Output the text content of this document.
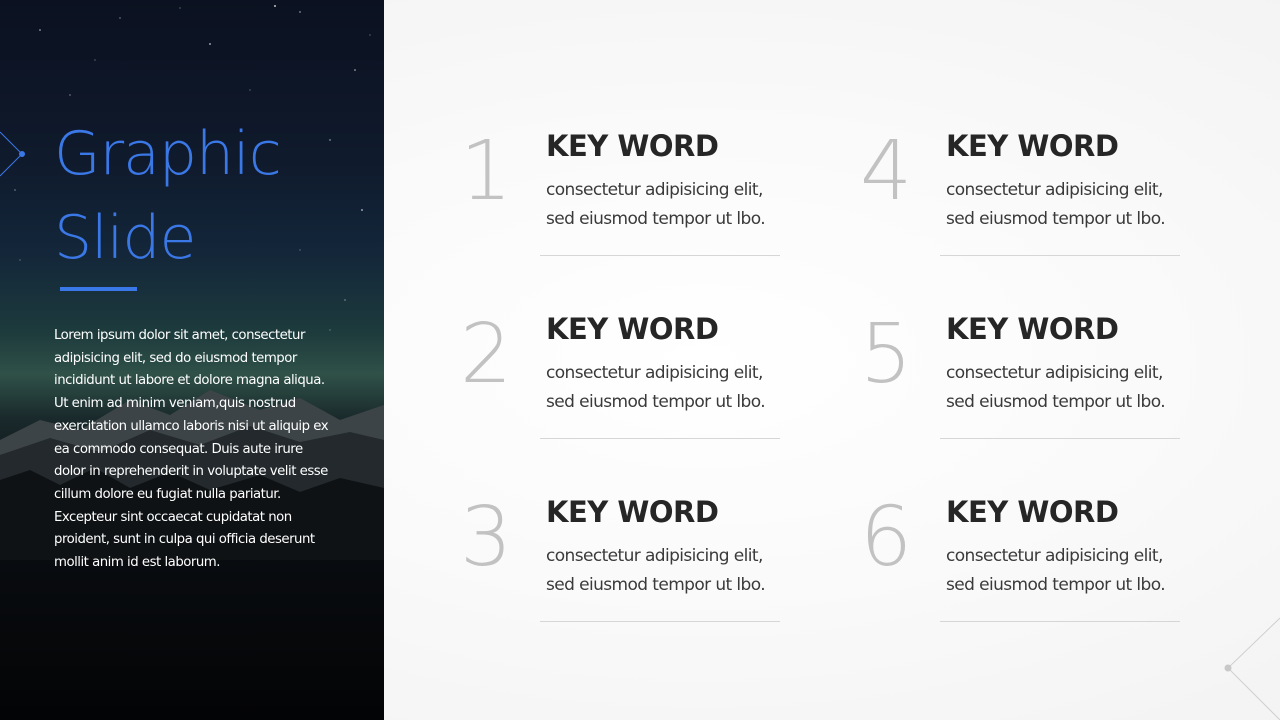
Graphic
Slide
Lorem ipsum dolor sit amet, consectetur adipisicing elit, sed do eiusmod tempor incididunt ut labore et dolore magna aliqua. Ut enim ad minim veniam,quis nostrud exercitation ullamco laboris nisi ut aliquip ex ea commodo consequat. Duis aute irure dolor in reprehenderit in voluptate velit esse cillum dolore eu fugiat nulla pariatur. Excepteur sint occaecat cupidatat non proident, sunt in culpa qui officia deserunt mollit anim id est laborum.
1 KEY WORD
consectetur adipisicing elit,
sed eiusmod tempor ut lbo.
2 KEY WORD
consectetur adipisicing elit,
sed eiusmod tempor ut lbo.
3 KEY WORD
consectetur adipisicing elit,
sed eiusmod tempor ut lbo.
4 KEY WORD
consectetur adipisicing elit,
sed eiusmod tempor ut lbo.
5 KEY WORD
consectetur adipisicing elit,
sed eiusmod tempor ut lbo.
6 KEY WORD
consectetur adipisicing elit,
sed eiusmod tempor ut lbo.
